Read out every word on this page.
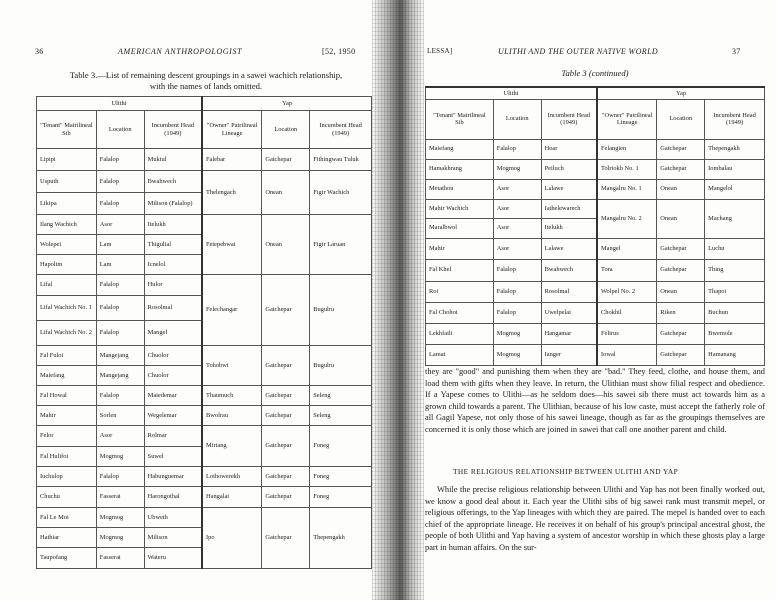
36	AMERICAN ANTHROPOLOGIST	[52, 1950
Table 3.—List of remaining descent groupings in a sawei wachich relationship,
with the names of lands omitted.
Ulithi			Yap		
"Tenant" Matrilineal Sib	Location	Incumbent Head (1949)	"Owner" Patrilineal Lineage	Location	Incumbent Head (1949)
Lipipi	Falalop	Mukiul	Falebar	Gatchepar	Fithingwau Tuluk
Usputh	Falalop	Bwahwech	Thelengach	Onean	Figir Wachich
Likipa	Falalop	Milison (Falalop)			
Ilang Wachich	Asor	Itelukh	Fetepebwai	Onean	Figir Laruan
Wolepei	Lam	Thigulial			
Hapolim	Lam	Icnelol			
Lifal	Falalop	Hulor	Felechangar	Gatchepar	Bugulru
Lifal Wachich No. 1	Falalop	Rosolmal			
Lifal Wachich No. 2	Falalop	Mangel			
Fal Fuloi	Mangejang	Chuolor	Tohobwi	Gatchepar	Bugulru
Maiefang	Mangejang	Chuolor			
Fal Howal	Falalop	Maiedemar	Thaumuch	Gatchepar	Seleng
Mahir	Sorlen	Wegelemar	Bwolrau	Gatchepar	Seleng
Felor	Asor	Rolmar	Miriang	Gatchepar	Foneg
Fal Hulifoi	Mogmog	Suwel			
Iuchulop	Falalop	Habunguemar	Lothowerekh	Gatchepar	Foneg
Chuchu	Fasserai	Harongothal	Hangalai	Gatchepar	Foneg
Fal Le Moi	Mogmog	Ubweth	Ipo	Gatchepar	Thepengakh
Hathiar	Mogmog	Milison			
Taupofang	Fasserai	Wateru			
LESSA]	ULITHI AND THE OUTER NATIVE WORLD	37
Table 3 (continued)
Ulithi			Yap		
"Tenant" Matrilineal Sib	Location	Incumbent Head (1949)	"Owner" Patrilineal Lineage	Location	Incumbent Head (1949)
Maiefang	Falalop	Hoar	Felangien	Gatchepar	Thepengakh
Hamakhrang	Mogmog	Peiluch	Tolriokh No. 1	Gatchepar	Iombalau
Metathou	Asor	Lalawe	Mangalru No. 1	Onean	Mangelol
Mahir Wachich	Asor	Iathelewarech	Mangalru No. 2	Onean	Machang
Maralbwol	Asor	Itelukh			
Mahir	Asor	Lalawe	Mangel	Gatchepar	Luchu
Fal Khel	Falalop	Bwahwech	Tora	Gatchepar	Thing
Roi	Falalop	Rosolmal	Wolpel No. 2	Onean	Thapoi
Fal Chohoi	Falalop	Uwelpelai	Chokhil	Riken	Buchun
Lekhfaili	Mogmog	Hangamar	Felirus	Gatchepar	Bwemole
Lamat	Mogmog	Ianger	Iowal	Gatchepar	Hamanang

they are "good" and punishing them when they are "bad." They feed, clothe, and house them, and load them with gifts when they leave. In return, the Ulithian must show filial respect and obedience. If a Yapese comes to Ulithi—as he seldom does—his sawei sib there must act towards him as a grown child towards a parent. The Ulithian, because of his low caste, must accept the fatherly role of all Gagil Yapese, not only those of his sawei lineage, though as far as the groupings themselves are concerned it is only those which are joined in sawei that call one another parent and child.

THE RELIGIOUS RELATIONSHIP BETWEEN ULITHI AND YAP

While the precise religious relationship between Ulithi and Yap has not been finally worked out, we know a good deal about it. Each year the Ulithi sibs of big sawei rank must transmit mepel, or religious offerings, to the Yap lineages with which they are paired. The mepel is handed over to each chief of the appropriate lineage. He receives it on behalf of his group's principal ancestral ghost, the people of both Ulithi and Yap having a system of ancestor worship in which these ghosts play a large part in human affairs. On the sur-
